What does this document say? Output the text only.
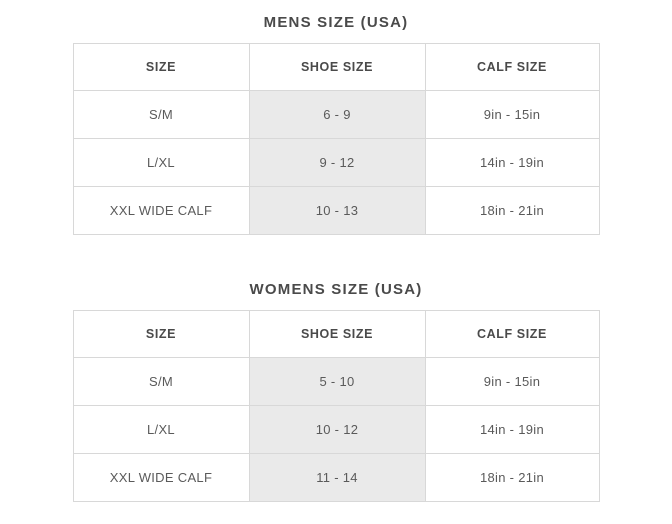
MENS SIZE (USA)
SIZE	SHOE SIZE	CALF SIZE
S/M	6 - 9	9in - 15in
L/XL	9 - 12	14in - 19in
XXL WIDE CALF	10 - 13	18in - 21in
WOMENS SIZE (USA)
SIZE	SHOE SIZE	CALF SIZE
S/M	5 - 10	9in - 15in
L/XL	10 - 12	14in - 19in
XXL WIDE CALF	11 - 14	18in - 21in
